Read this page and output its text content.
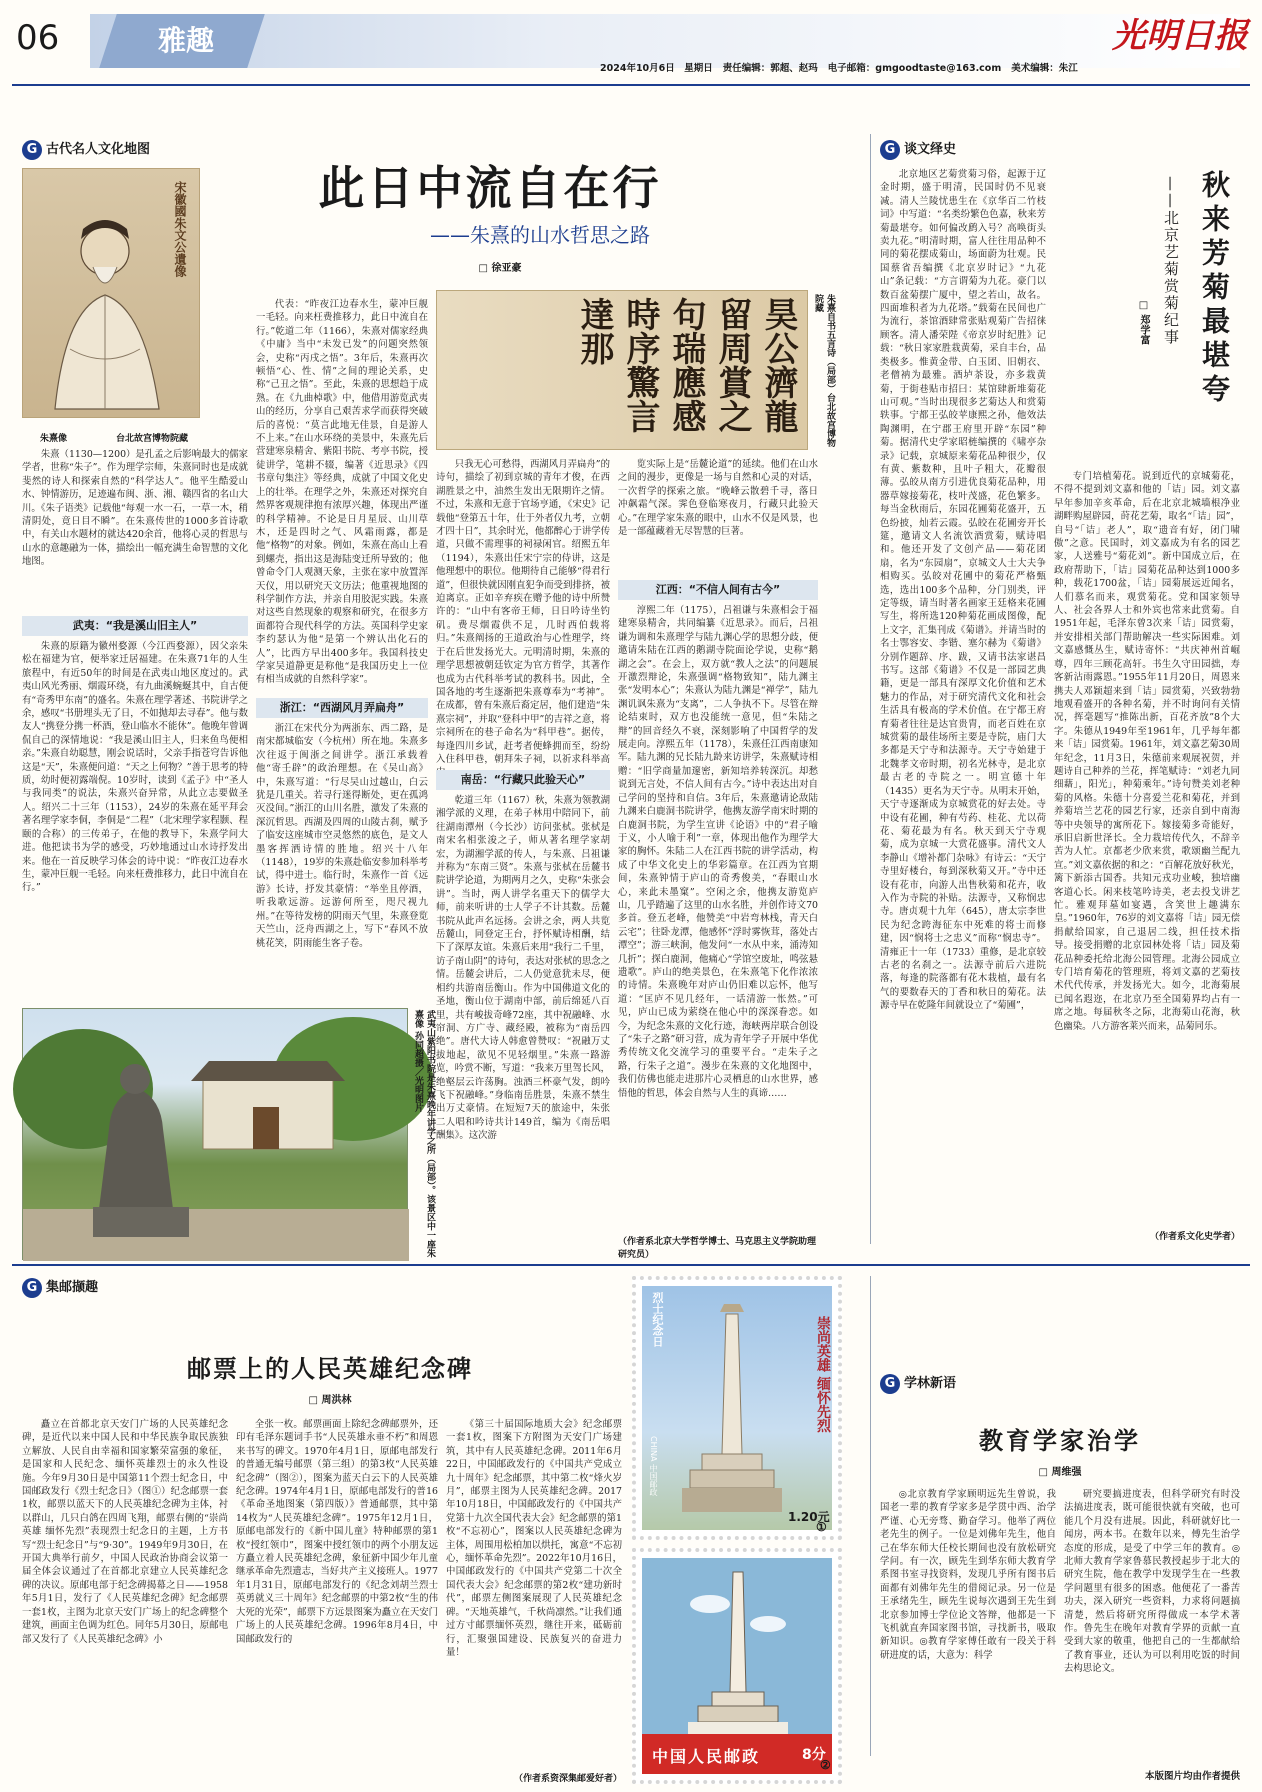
06	雅趣
2024年10月6日　星期日 责任编辑：郭超、赵玛 电子邮箱：gmgoodtaste@163.com 美术编辑：朱江
光明日报
G 古代名人文化地图
宋徽國朱文公遺像
朱熹像	台北故宫博物院藏
此日中流自在行
——朱熹的山水哲思之路
□ 徐亚豪
昊公濟龍留周賞之句瑞應感時序驚言達那	朱熹自书五言诗（局部）台北故宫博物院藏
朱熹（1130—1200）是孔孟之后影响最大的儒家学者，世称“朱子”。作为理学宗师，朱熹同时也是成就斐然的诗人和探索自然的“科学达人”。他平生酷爱山水、钟情游历，足迹遍布闽、浙、湘、赣四省的名山大川。《朱子语类》记载他“每观一水一石，一草一木，稍清阴处，竟日目不瞬”。在朱熹传世的1000多首诗歌中，有关山水题材的就达420余首，他将心灵的哲思与山水的意趣融为一体，描绘出一幅充满生命智慧的文化地图。
武夷：“我是溪山旧主人”
朱熹的原籍为徽州婺源（今江西婺源），因父亲朱松在福建为官，便举家迁居福建。在朱熹71年的人生旅程中，有近50年的时间是在武夷山地区度过的。武夷山风光秀丽、烟霞环绕，有九曲溪蜿蜒其中，自古便有“奇秀甲东南”的盛名。朱熹在理学著述、书院讲学之余，感叹“书册埋头无了日，不如抛却去寻春”。他与数友人“携登分携一杯酒，登山临水不能休”。他晚年曾调侃自己的深情地说：“我是溪山旧主人，归来鱼鸟便相亲。”朱熹自幼聪慧，刚会说话时，父亲手指苍穹告诉他这是“天”，朱熹便问道：“天之上何物？”善于思考的特质，幼时便初露端倪。10岁时，读到《孟子》中“圣人与我同类”的说法，朱熹兴奋异常，从此立志要做圣人。绍兴二十三年（1153），24岁的朱熹在延平拜会著名理学家李侗，李侗是“二程”（北宋理学家程颢、程颐的合称）的三传弟子，在他的教导下，朱熹学问大进。他把读书为学的感受，巧妙地通过山水诗抒发出来。他在一首反映学习体会的诗中说：“昨夜江边春水生，蒙冲巨舰一毛轻。向来枉费推移力，此日中流自在行。”
代表：“昨夜江边春水生，蒙冲巨舰一毛轻。向来枉费推移力，此日中流自在行。”乾道二年（1166），朱熹对儒家经典《中庸》当中“未发已发”的问题突然领会，史称“丙戌之悟”。3年后，朱熹再次顿悟“心、性、情”之间的理论关系，史称“己丑之悟”。至此，朱熹的思想趋于成熟。在《九曲棹歌》中，他借用游览武夷山的经历，分享自己艰苦求学而获得突破后的喜悦：“莫言此地无佳景，自是游人不上来。”在山水环绕的美景中，朱熹先后营建寒泉精舍、紫阳书院、考亭书院，授徒讲学，笔耕不辍，编著《近思录》《四书章句集注》等经典，成就了中国文化史上的壮举。在理学之外，朱熹还对探究自然界客观规律抱有浓厚兴趣，体现出严谨的科学精神。不论是日月星辰、山川草木，还是四时之气、风霜雨露，都是他“格物”的对象。例如，朱熹在高山上看到螺壳，指出这是海陆变迁所导致的；他曾命令门人观测天象，主张在家中放置浑天仪，用以研究天文历法；他重视地图的科学制作方法，并亲自用胶泥实践。朱熹对这些自然现象的观察和研究，在很多方面都符合现代科学的方法。英国科学史家李约瑟认为他“是第一个辨认出化石的人”，比西方早出400多年。我国科技史学家吴道静更是称他“是我国历史上一位有相当成就的自然科学家”。
浙江：“西湖风月弄扁舟”
浙江在宋代分为两浙东、西二路，是南宋都城临安（今杭州）所在地。朱熹多次往返于闽浙之间讲学。浙江承载着他“寄壬辟”的政治理想。在《吴山高》中，朱熹写道：“行尽吴山过越山，白云犹是几重关。若寻行迷得断处，更在孤鸿灭没间。”浙江的山川名胜，激发了朱熹的深沉哲思。西湖及四周的山陵古刹，赋予了临安这座城市空灵悠然的底色，是文人墨客挥洒诗情的胜地。绍兴十八年（1148），19岁的朱熹赴临安参加科举考试，得中进士。临行时，朱熹作一首《远游》长诗，抒发其豪情：“举坐且停酒，听我歌远游。远游何所至，咫尺视九州。”在等待发榜的阴雨天气里，朱熹登览天竺山，泛舟西湖之上，写下“春风不放桃花笑，阴雨能生客子卷。
只我无心可愁得，西湖风月弄扁舟”的诗句，描绘了初到京城的青年才俊，在西湖胜景之中，油然生发出无限期许之情。不过，朱熹和无意于官场亨通，《宋史》记载他“登第五十年，仕于外者仅九考，立朝才四十日”，其余时光，他都醉心于讲学传道，只做不需理事的祠禄闲官。绍熙五年（1194），朱熹出任宋宁宗的侍讲，这是他理想中的职位。他期待自己能够“得君行道”，但很快就因刚直犯争而受到排挤，被迫离京。正如辛弃疾在赠予他的诗中所赞许的：“山中有客帝王师，日日吟诗坐钓矶。费尽烟霞供不足，几时西伯载将归。”朱熹阐扬的王道政治与心性理学，终于在后世发扬光大。元明清时期，朱熹的理学思想被朝廷钦定为官方哲学，其著作也成为古代科举考试的教科书。因此，全国各地的考生逐渐把朱熹尊奉为“考神”。在成都，曾有朱熹后裔定居，他们建造“朱熹宗祠”，并取“登科中甲”的吉祥之意，将宗祠所在的巷子命名为“科甲巷”。据传，每逢四川乡试，赶考者便蜂拥而至，纷纷入住科甲巷，朝拜朱子祠，以祈求科举高
南岳：“行藏只此验天心”
乾道三年（1167）秋，朱熹为领教湖湘学派的义理，在弟子林用中陪同下，前往湖南潭州（今长沙）访问张栻。张栻是南宋名相张浚之子，师从著名理学家胡宏，为湖湘学派的传人，与朱熹、吕祖谦并称为“东南三贤”。朱熹与张栻在岳麓书院讲学论道，为期两月之久，史称“朱张会讲”。当时，两人讲学名重天下的儒学大师，前来听讲的士人学子不计其数。岳麓书院从此声名远扬。会讲之余，两人共览岳麓山，同登定王台，抒怀赋诗相酬，结下了深厚友谊。朱熹后来用“我行二千里，访子南山阴”的诗句，表达对张栻的思念之情。岳麓会讲后，二人仍觉意犹未尽，便相约共游南岳衡山。作为中国佛道文化的圣地，衡山位于湖南中部，前后绵延八百里，共有峻拔奇峰72座，其中祝融峰、水帘洞、方广寺、藏经殿，被称为“南岳四绝”。唐代大诗人韩愈曾赞叹：“祝融万丈拔地起，欲见不见轻烟里。”朱熹一路游览，吟赏不断，写道：“我来万里驾长风，绝壑层云许荡胸。浊酒三杯豪气发，朗吟飞下祝融峰。”身临南岳胜景，朱熹不禁生出万丈豪情。在短短7天的旅途中，朱张二人唱和吟诗共计149首，编为《南岳唱酬集》。这次游
览实际上是“岳麓论道”的延续。他们在山水之间的漫步，更像是一场与自然和心灵的对话，一次哲学的探索之旅。“晚峰云散碧千寻，落日冲飙霜气深。霁色登临寒夜月，行藏只此验天心。”在理学家朱熹的眼中，山水不仅是风景，也是一部蕴藏着无尽智慧的巨著。
江西：“不信人间有古今”
淳熙二年（1175），吕祖谦与朱熹相会于福建寒泉精舍，共同编纂《近思录》。而后，吕祖谦为调和朱熹理学与陆九渊心学的思想分歧，便邀请朱陆在江西的鹅湖寺院面论学说，史称“鹅湖之会”。在会上，双方就“教人之法”的问题展开激烈辩论，朱熹强调“格物致知”，陆九渊主张“发明本心”；朱熹认为陆九渊是“禅学”，陆九渊讥讽朱熹为“支离”，二人争执不下。尽管在辩论结束时，双方也没能统一意见，但“朱陆之辩”的回音经久不衰，深刻影响了中国哲学的发展走向。淳熙五年（1178），朱熹任江西南康知军。陆九渊的兄长陆九龄来访讲学，朱熹赋诗相赠：“旧学商量加邃密，新知培养转深沉。却愁说到无言处，不信人间有古今。”诗中表达出对自己学问的坚持和自信。3年后，朱熹邀请论敌陆九渊来白鹿洞书院讲学，他携友游学南宋时期的白鹿洞书院，为学生宣讲《论语》中的“君子喻于义，小人喻于利”一章，体现出他作为理学大家的胸怀。朱陆二人在江西书院的讲学活动，构成了中华文化史上的华彩篇章。在江西为官期间，朱熹钟情于庐山的奇秀俊美，“春眼山水心，来此未墨窠”。空闲之余，他携友游览庐山，几乎踏遍了这里的山水名胜，并创作诗文70多首。登五老峰，他赞美“中岩弯林栈，青天白云宅”；往卧龙潭，他感怀“浮时雾恢茸，落处古潭空”；游三峡涧，他发问“一水从中来，涌涛知几折”；探白鹿洞，他痛心“学馆空废址，鸣弦悬遗歌”。庐山的绝美景色，在朱熹笔下化作浓浓的诗情。朱熹晚年对庐山仍旧难以忘怀，他写道：“匡庐不见几经年，一话清游一怅然。”可见，庐山已成为萦绕在他心中的深深眷恋。如今，为纪念朱熹的文化行迹，海峡两岸联合创设了“朱子之路”研习营，成为青年学子开展中华优秀传统文化交流学习的重要平台。“走朱子之路，行朱子之道”。漫步在朱熹的文化地图中，我们仿佛也能走进那片心灵栖息的山水世界，感悟他的哲思，体会自然与人生的真谛……
（作者系北京大学哲学博士、马克思主义学院助理研究员）
武夷山紫阳书院是朱熹晚年讲学之所（局部）。该景区中一座朱熹像 孙同超摄／光明图片
G 谈文绎史
北京地区艺菊赏菊习俗，起源于辽金时期，盛于明清，民国时仍不见衰减。清人兰陵忧患生在《京华百二竹枝词》中写道：“名类纷繁色色嘉，秋来芳菊最堪夸。如何偏改鹧入号？高唤街头卖九花。”明清时期，富人往往用品种不同的菊花摆成菊山，场面蔚为壮观。民国蔡省吾编撰《北京岁时记》“九花山”条记载：“方言谓菊为九花。豪门以数百盆菊摆广厦中，望之若山，故名。四面堆积者为九花塔。”载菊在民间也广为流行，茶馆酒肆常张贴观菊广告招徕顾客。清人潘荣陛《帝京岁时纪胜》记载：“秋日家家胜栽黄菊，采自丰台，品类极多。惟黄金带、白玉团、旧朝衣、老僧衲为最雅。酒垆茶设，亦多栽黄菊，于街巷贴市招曰：某馆肆新堆菊花山可观。”当时出现很多艺菊达人和赏菊轶事。宁都王弘皎苹康熙之孙，他效法陶渊明，在宁郡王府里开辟“东园”种菊。据清代史学家昭梿编撰的《啸亭杂录》记载，京城原来菊花品种很少，仅有黄、紫数种，且叶子粗大，花瓣很薄。弘皎从南方引进优良菊花品种，用器草嫁接菊花，枝叶茂盛，花色繁多。每当金秋雨后，东园花圃菊花盛开，五色纷披，灿若云霞。弘皎在花圃旁开长筵，邀请文人名流饮酒赏菊，赋诗唱和。他还开发了文创产品——菊花团扇，名为“东园扇”，京城文人士大夫争相购买。弘皎对花圃中的菊花严格甄选，选出100多个品种，分门别类，评定等级，请当时著名画家王廷格来花圃写生，将所选120种菊花画成图像，配上文字，汇集刊成《菊谱》。并请当时的名士鄂容安、李锴、塞尔赫为《菊谱》分别作题辞、序、跋，又请书法家谌昌书写。这部《菊谱》不仅是一部园艺典籍，更是一部具有深厚文化价值和艺术魅力的作品，对于研究清代文化和社会生活具有极高的学术价值。在宁都王府育菊者往往是达官贵胄，而老百姓在京城赏菊的最佳场所主要是寺院，庙门大多都是天宁寺和法源寺。天宁寺始建于北魏孝文帝时期，初名光林寺，是北京最古老的寺院之一。明宣德十年（1435）更名为天宁寺。从明末开始，天宁寺逐渐成为京城赏花的好去处。寺中设有花圃，种有芍药、桂花、尤以荷花、菊花最为有名。秋天到天宁寺观菊，成为京城一大赏花盛事。清代文人李静山《增补都门杂咏》有诗云：“天宁寺里好楼台，每到深秋菊又开。”寺中还设有花市，向游人出售秋菊和花卉，收入作为寺院的补贴。法源寺，又称悯忠寺。唐贞观十九年（645），唐太宗李世民为纪念跨海征东中死难的将士而修建，因“悯将士之忠义”而称“悯忠寺”。清雍正十一年（1733）重修，是北京较古老的名刹之一。法源寺前后六进院落，每逢的院落都有花木栽植，最有名气的要数春天的丁香和秋日的菊花。法源寺早在乾隆年间就设立了“菊圃”，
秋来芳菊最堪夸
——北京艺菊赏菊纪事
□ 郑学富
专门培植菊花。说到近代的京城菊花，不得不提到刘文嘉和他的「诘」园。刘文嘉早年参加辛亥革命，后在北京北城墙根净业湖畔购屋辟园，莳花艺菊，取名“「诘」园”，自号“「诘」老人”，取“遗音有好，闭门啸傲”之意。民国时，刘文嘉成为有名的园艺家，人送雅号“菊花刘”。新中国成立后，在政府帮助下，「诘」园菊花品种达到1000多种，载花1700盆，「诘」园菊展远近闻名，人们慕名而来，观赏菊花。党和国家领导人、社会各界人士和外宾也常来此赏菊。自1951年起，毛泽东曾3次来「诘」园赏菊，并安排相关部门帮助解决一些实际困难。刘文嘉感慨丛生，赋诗寄怀：“共庆神州首崛尊，四年三顾花高轩。书生久守田园拙，寿客新沾雨露恩。”1955年11月20日，周恩来携夫人邓颖超来到「诘」园赏菊，兴致勃勃地观看盛开的各种名菊，并不时询问有关情况，挥毫题写“推陈出新，百花齐放”8个大字。朱德从1949年至1961年，几乎每年都来「诘」园赏菊。1961年，刘文嘉艺菊30周年纪念，11月3日，朱德前来观展祝贺，并题诗自己种养的兰花，挥笔赋诗：“刘老九同细藉」，阳光」，种菊乘年。”诗句赞美刘老种菊的风格。朱德十分喜爱兰花和菊花，并到养菊培兰艺花的园艺行家，还亲自到中南海等中央领导的寓所花下。嫁接菊多奇能好，承旧启新世泽长。全力栽培传代久，不辞辛苦为人忙。京都老少欣来赏，歌颂幽兰配九宣。”刘文嘉依据的和之：“百解花放好秋光，篱下新添古国香。共知元戎功业峻，独培幽客道心长。闲来枝笔吟诗美，老去投戈讲艺忙。雅观拜墓如宴遇，含笑世上趣满东皇。”1960年，76岁的刘文嘉将「诘」园无偿捐献给国家，自己退居二线，担任技术指导。接受捐赠的北京园林处将「诘」园及菊花品种委托给北海公园管理。北海公园成立专门培育菊花的管理班，将刘文嘉的艺菊技术代代传承，并发扬光大。如今，北海菊展已闻名遐迩，在北京乃至全国菊界均占有一席之地。每届秋冬之际，北海菊山花海，秋色幽染。八方游客莱兴而来，品菊同乐。
（作者系文化史学者）
G 集邮撷趣
邮票上的人民英雄纪念碑
□ 周洪林
矗立在首都北京天安门广场的人民英雄纪念碑，是近代以来中国人民和中华民族争取民族独立解放、人民自由幸福和国家繁荣富强的象征，是国家和人民纪念、缅怀英雄烈士的永久性设施。今年9月30日是中国第11个烈士纪念日，中国邮政发行《烈士纪念日》（图①）纪念邮票一套1枚，邮票以蓝天下的人民英雄纪念碑为主体，衬以群山，几只白鸽在四周飞翔，邮票右侧的“崇尚英雄 缅怀先烈”表现烈士纪念日的主题，上方书写“烈士纪念日”与“9·30”。1949年9月30日，在开国大典举行前夕，中国人民政治协商会议第一届全体会议通过了在首都北京建立人民英雄纪念碑的决议。原邮电部于纪念碑揭幕之日——1958年5月1日，发行了《人民英雄纪念碑》纪念邮票一套1枚，主图为北京天安门广场上的纪念碑整个建筑，画面主色调为红色。同年5月30日，原邮电部又发行了《人民英雄纪念碑》小
全张一枚。邮票画面上除纪念碑邮票外，还印有毛泽东题词手书“人民英雄永垂不朽”和周恩来书写的碑文。1970年4月1日，原邮电部发行的普通无编号邮票（第三组）的第3枚“人民英雄纪念碑”（图②），图案为蓝天白云下的人民英雄纪念碑。1974年4月1日，原邮电部发行的普16《革命圣地图案（第四版）》普通邮票，其中第14枚为“人民英雄纪念碑”。1975年12月1日，原邮电部发行的《新中国儿童》特种邮票的第1枚“授红领巾”，图案中授红领巾的两个小朋友远方矗立着人民英雄纪念碑，象征新中国少年儿童继承革命先烈遗志，当好共产主义接班人。1977年1月31日，原邮电部发行的《纪念刘胡兰烈士英勇就义三十周年》纪念邮票的中第2枚“生的伟大死的光荣”，邮票下方远景图案为矗立在天安门广场上的人民英雄纪念碑。1996年8月4日，中国邮政发行的
《第三十届国际地质大会》纪念邮票一套1枚，图案下方附图为天安门广场建筑，其中有人民英雄纪念碑。2011年6月22日，中国邮政发行的《中国共产党成立九十周年》纪念邮票，其中第二枚“烽火岁月”，邮票主图为人民英雄纪念碑。2017年10月18日，中国邮政发行的《中国共产党第十九次全国代表大会》纪念邮票的第1枚“不忘初心”，图案以人民英雄纪念碑为主体，周围用松柏加以烘托，寓意“不忘初心，缅怀革命先烈”。2022年10月16日，中国邮政发行的《中国共产党第二十次全国代表大会》纪念邮票的第2枚“建功新时代”，邮票左侧图案展现了人民英雄纪念碑。“天地英雄气，千秋尚凛然。”让我们通过方寸邮票缅怀英烈，继往开来，砥砺前行，汇聚强国建设、民族复兴的奋进力量！
（作者系资深集邮爱好者）
烈士纪念日	崇尚英雄 缅怀先烈
CHINA 中国邮政
1.20元
①
中国人民邮政	8分
②
G 学林新语
教育学家治学
□ 周维强
◎北京教育学家顾明远先生曾说，我国老一辈的教育学家多是学贯中西、治学严谨、心无旁骛、勤奋学习。他举了两位老先生的例子。一位是刘佛年先生，他自己在华东师大任校长期间也没有放松研究学问。有一次，顾先生到华东师大教育学系图书室寻找资料，发现几乎所有图书后面都有刘佛年先生的借阅记录。另一位是王承绪先生，顾先生说每次遇到王先生到北京参加博士学位论文答辩，他都是一下飞机就直奔国家图书馆，寻找新书，吸取新知识。◎教育学家傅任敢有一段关于科研进度的话，大意为：科学
研究要搞进度表，但科学研究有时没法搞进度表，既可能很快就有突破，也可能几个月没有进展。因此，科研就好比一闻房，两本书。在数年以来，傅先生治学态度的形成，是受了中学三年的教育。◎北师大教育学家鲁慕民教授起步于北大的研究生院，他在教学中发现学生在一些教学问题里有很多的困惑。他便花了一番苦功夫，深入研究一些资料，力求将问题搞清楚，然后将研究所得做成一本学术著作。鲁先生在晚年对教育学界的贡献一直受到大家的敬重，他把自己的一生都献给了教育事业，还认为可以利用吃饭的时间去构思论文。
本版图片均由作者提供
